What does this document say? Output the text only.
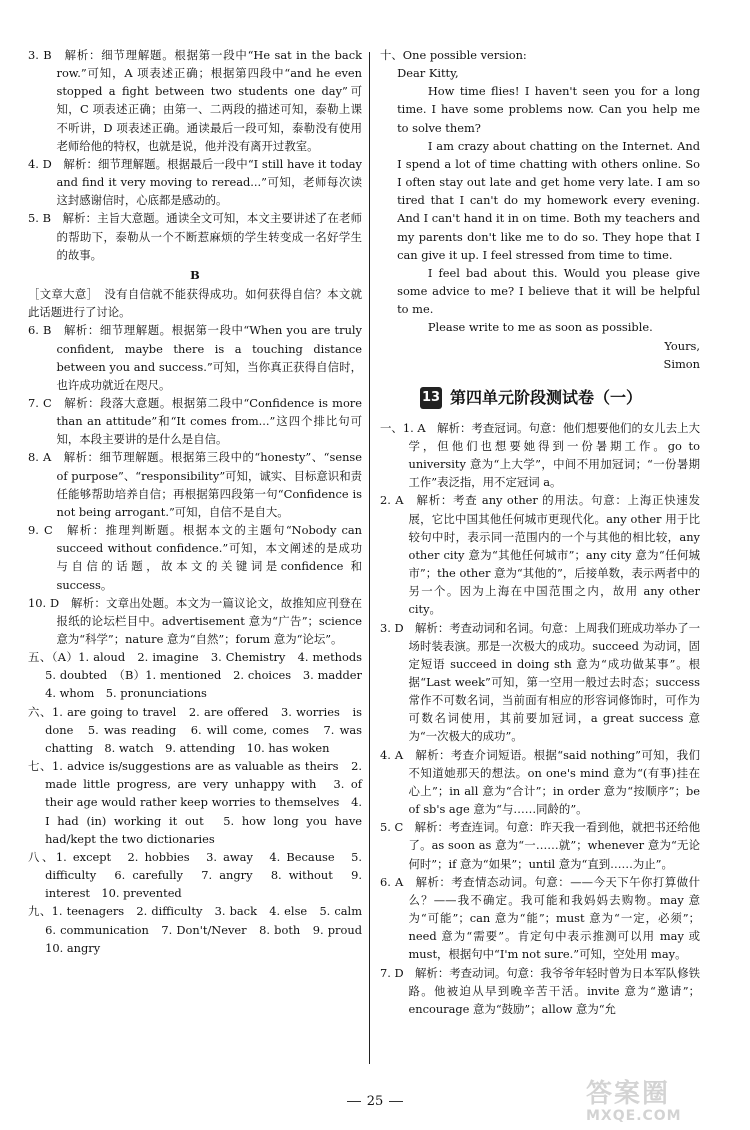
3. B　解析：细节理解题。根据第一段中“He sat in the back row.”可知，A 项表述正确；根据第四段中“and he even stopped a fight between two students one day”可知，C 项表述正确；由第一、二两段的描述可知，泰勒上课不听讲，D 项表述正确。通读最后一段可知，泰勒没有使用老师给他的特权，也就是说，他并没有离开过教室。

4. D　解析：细节理解题。根据最后一段中“I still have it today and find it very moving to reread...”可知，老师每次读这封感谢信时，心底都是感动的。

5. B　解析：主旨大意题。通读全文可知，本文主要讲述了在老师的帮助下，泰勒从一个不断惹麻烦的学生转变成一名好学生的故事。

B

［文章大意］　没有自信就不能获得成功。如何获得自信？本文就此话题进行了讨论。

6. B　解析：细节理解题。根据第一段中“When you are truly confident, maybe there is a touching distance between you and success.”可知，当你真正获得自信时，也许成功就近在咫尺。

7. C　解析：段落大意题。根据第二段中“Confidence is more than an attitude”和“It comes from...”这四个排比句可知，本段主要讲的是什么是自信。

8. A　解析：细节理解题。根据第三段中的“honesty”、“sense of purpose”、“responsibility”可知，诚实、目标意识和责任能够帮助培养自信；再根据第四段第一句“Confidence is not being arrogant.”可知，自信不是自大。

9. C　解析：推理判断题。根据本文的主题句“Nobody can succeed without confidence.”可知，本文阐述的是成功与自信的话题，故本文的关键词是confidence 和 success。

10. D　解析：文章出处题。本文为一篇议论文，故推知应刊登在报纸的论坛栏目中。advertisement 意为“广告”；science 意为“科学”；nature 意为“自然”；forum 意为“论坛”。

五、（A）1. aloud　2. imagine　3. Chemistry　4. methods　5. doubted　（B）1. mentioned　2. choices　3. madder　4. whom　5. pronunciations

六、1. are going to travel　2. are offered　3. worries　is done　5. was reading　6. will come, comes　7. was chatting　8. watch　9. attending　10. has woken

七、1. advice is/suggestions are as valuable as theirs　2. made little progress, are very unhappy with　3. of their age would rather keep worries to themselves　4. I had (in) working it out　5. how long you have had/kept the two dictionaries

八、1. except　2. hobbies　3. away　4. Because　5. difficulty　6. carefully　7. angry　8. without　9. interest　10. prevented

九、1. teenagers　2. difficulty　3. back　4. else　5. calm　6. communication　7. Don't/Never　8. both　9. proud　10. angry

十、One possible version:

Dear Kitty,

How time flies! I haven't seen you for a long time. I have some problems now. Can you help me to solve them?

I am crazy about chatting on the Internet. And I spend a lot of time chatting with others online. So I often stay out late and get home very late. I am so tired that I can't do my homework every evening. And I can't hand it in on time. Both my teachers and my parents don't like me to do so. They hope that I can give it up. I feel stressed from time to time.

I feel bad about this. Would you please give some advice to me? I believe that it will be helpful to me.

Please write to me as soon as possible.

Yours,

Simon

13 第四单元阶段测试卷（一）

一、1. A　解析：考查冠词。句意：他们想要他们的女儿去上大学，但他们也想要她得到一份暑期工作。go to university 意为“上大学”，中间不用加冠词；“一份暑期工作”表泛指，用不定冠词 a。

2. A　解析：考查 any other 的用法。句意：上海正快速发展，它比中国其他任何城市更现代化。any other 用于比较句中时，表示同一范围内的一个与其他的相比较，any other city 意为“其他任何城市”；any city 意为“任何城市”；the other 意为“其他的”，后接单数，表示两者中的另一个。因为上海在中国范围之内，故用 any other city。

3. D　解析：考查动词和名词。句意：上周我们班成功举办了一场时装表演。那是一次极大的成功。succeed 为动词，固定短语 succeed in doing sth 意为“成功做某事”。根据“Last week”可知，第一空用一般过去时态；success 常作不可数名词，当前面有相应的形容词修饰时，可作为可数名词使用，其前要加冠词，a great success 意为“一次极大的成功”。

4. A　解析：考查介词短语。根据“said nothing”可知，我们不知道她那天的想法。on one's mind 意为“(有事)挂在心上”；in all 意为“合计”；in order 意为“按顺序”；be of sb's age 意为“与……同龄的”。

5. C　解析：考查连词。句意：昨天我一看到他，就把书还给他了。as soon as 意为“一……就”；whenever 意为“无论何时”；if 意为“如果”；until 意为“直到……为止”。

6. A　解析：考查情态动词。句意：——今天下午你打算做什么？——我不确定。我可能和我妈妈去购物。may 意为“可能”；can 意为“能”；must 意为“一定，必须”；need 意为“需要”。肯定句中表示推测可以用 may 或 must，根据句中“I'm not sure.”可知，空处用 may。

7. D　解析：考查动词。句意：我爷爷年轻时曾为日本军队修铁路。他被迫从早到晚辛苦干活。invite 意为“邀请”；encourage 意为“鼓励”；allow 意为“允

25	答案圈
MXQE.COM
